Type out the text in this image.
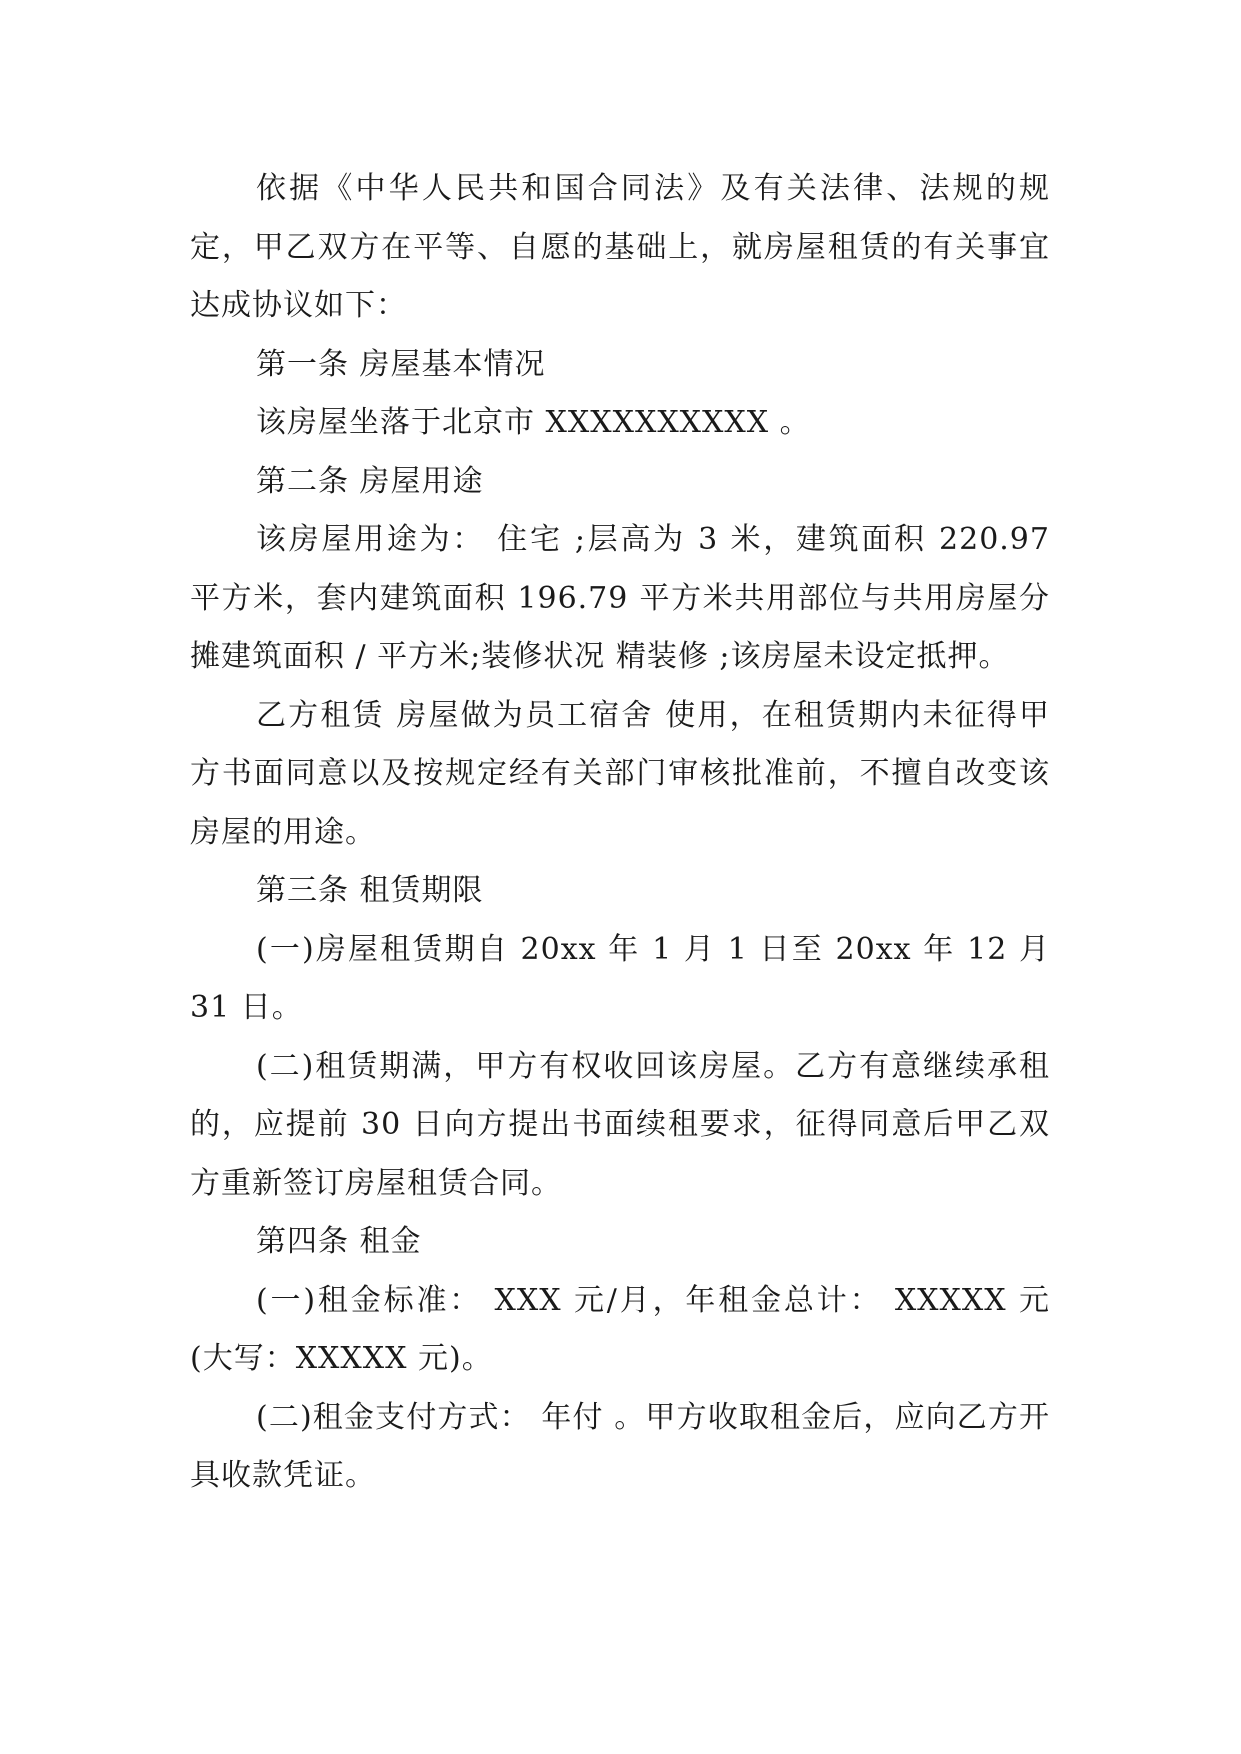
依据《中华人民共和国合同法》及有关法律、法规的规定，甲乙双方在平等、自愿的基础上，就房屋租赁的有关事宜达成协议如下：

第一条 房屋基本情况

该房屋坐落于北京市 XXXXXXXXXX 。

第二条 房屋用途

该房屋用途为： 住宅 ;层高为 3 米，建筑面积 220.97 平方米，套内建筑面积 196.79 平方米共用部位与共用房屋分摊建筑面积 / 平方米;装修状况 精装修 ;该房屋未设定抵押。

乙方租赁 房屋做为员工宿舍 使用，在租赁期内未征得甲方书面同意以及按规定经有关部门审核批准前，不擅自改变该房屋的用途。

第三条 租赁期限

(一)房屋租赁期自 20xx 年 1 月 1 日至 20xx 年 12 月 31 日。

(二)租赁期满，甲方有权收回该房屋。乙方有意继续承租的，应提前 30 日向方提出书面续租要求，征得同意后甲乙双方重新签订房屋租赁合同。

第四条 租金

(一)租金标准： XXX 元/月，年租金总计： XXXXX 元(大写：XXXXX 元)。

(二)租金支付方式： 年付 。甲方收取租金后，应向乙方开具收款凭证。
